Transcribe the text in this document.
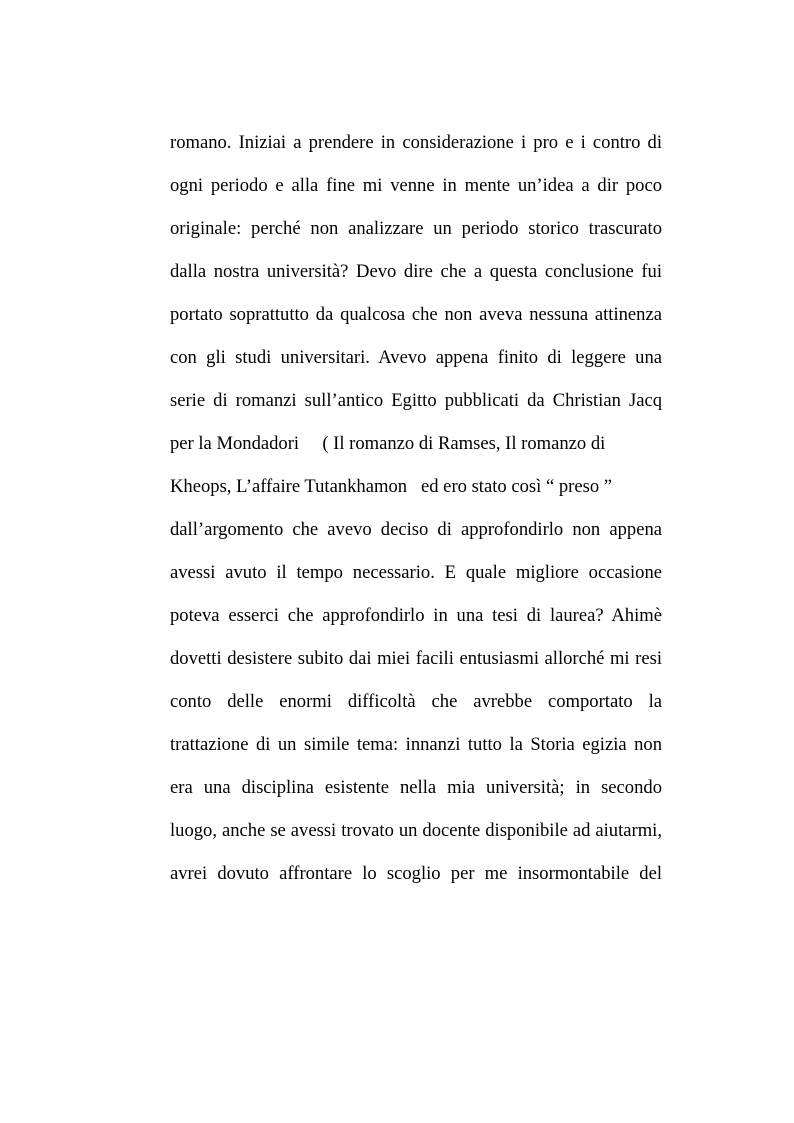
romano. Iniziai a prendere in considerazione i pro e i contro di
ogni periodo e alla fine mi venne in mente un’idea a dir poco
originale: perché non analizzare un periodo storico trascurato
dalla nostra università? Devo dire che a questa conclusione fui
portato soprattutto da qualcosa che non aveva nessuna attinenza
con gli studi universitari. Avevo appena finito di leggere una
serie di romanzi sull’antico Egitto pubblicati da Christian Jacq
per la Mondadori     ( Il romanzo di Ramses, Il romanzo di
Kheops, L’affaire Tutankhamon   ed ero stato così “ preso ”
dall’argomento che avevo deciso di approfondirlo non appena
avessi avuto il tempo necessario. E quale migliore occasione
poteva esserci che approfondirlo in una tesi di laurea? Ahimè
dovetti desistere subito dai miei facili entusiasmi allorché mi resi
conto delle enormi difficoltà che avrebbe comportato la
trattazione di un simile tema: innanzi tutto la Storia egizia non
era una disciplina esistente nella mia università; in secondo
luogo, anche se avessi trovato un docente disponibile ad aiutarmi,
avrei dovuto affrontare lo scoglio per me insormontabile del
